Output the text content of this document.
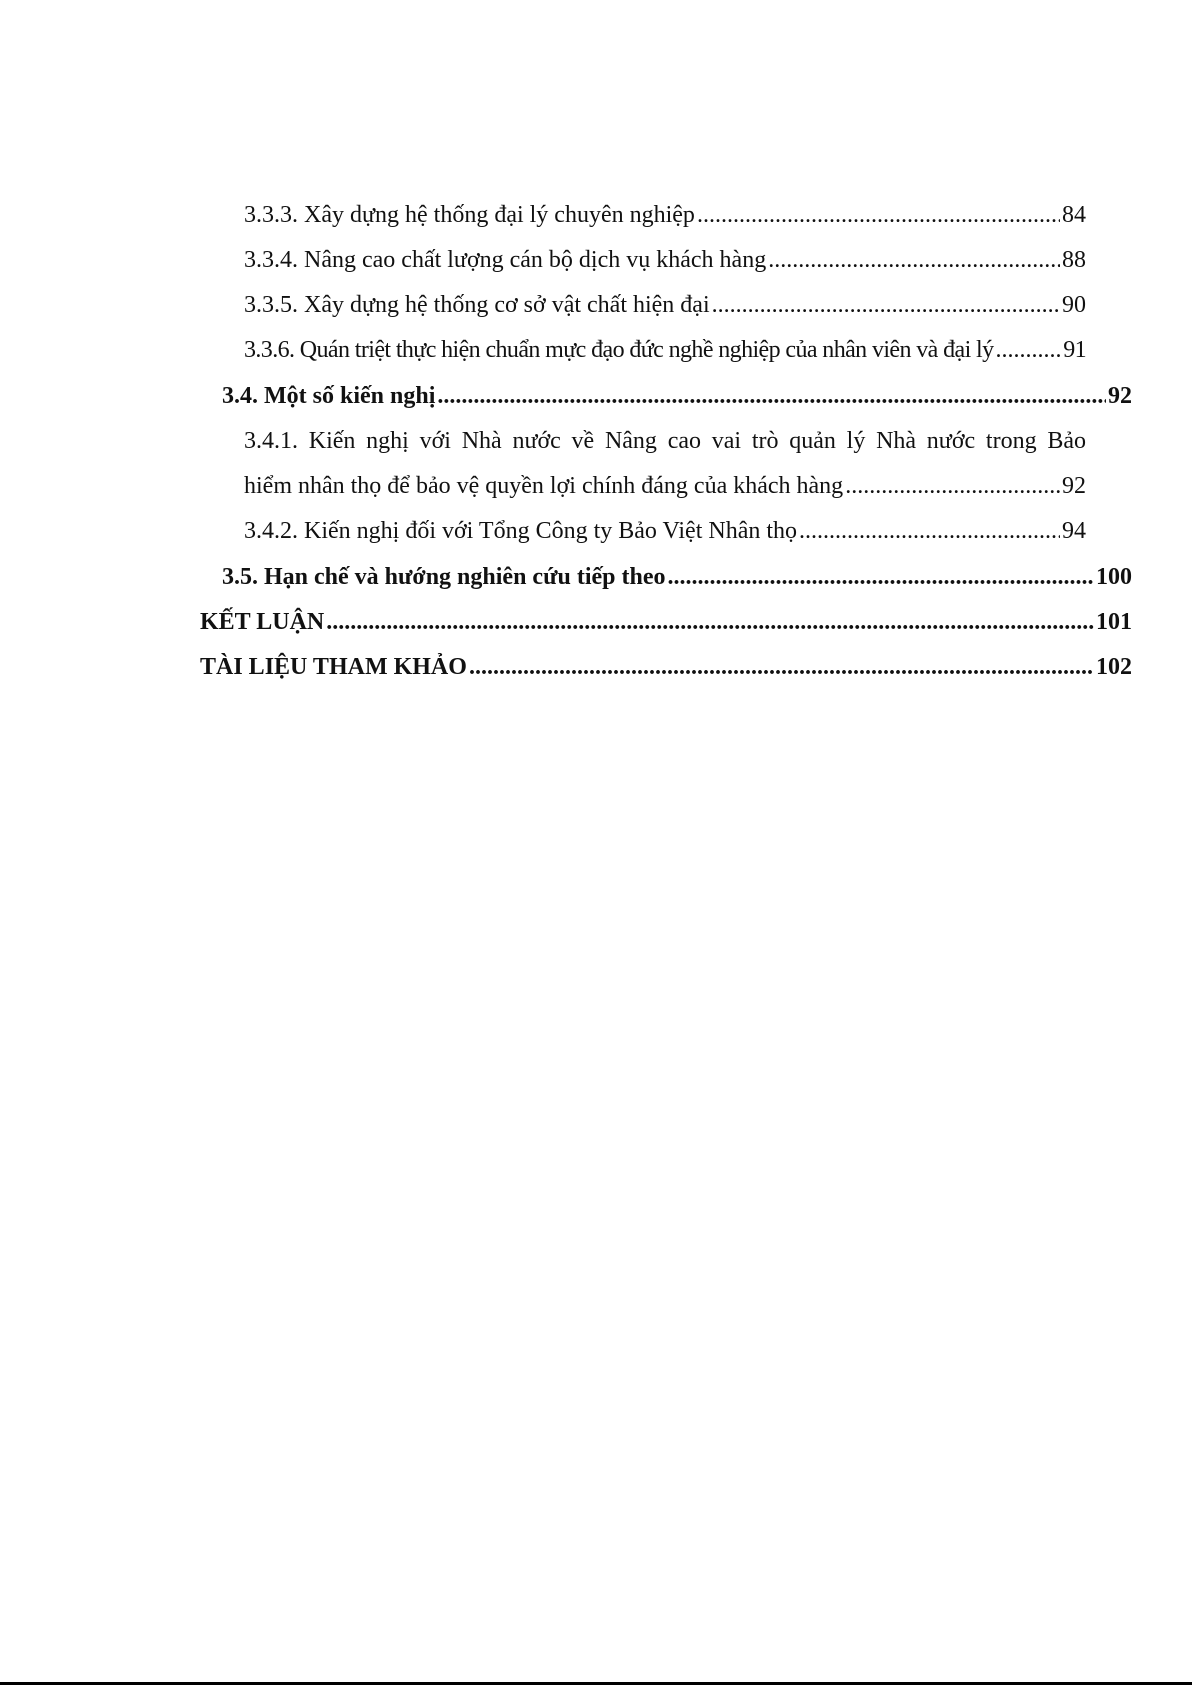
3.3.3. Xây dựng hệ thống đại lý chuyên nghiệp .....	84
3.3.4. Nâng cao chất lượng cán bộ dịch vụ khách hàng .....	88
3.3.5. Xây dựng hệ thống cơ sở vật chất hiện đại .....	90
3.3.6. Quán triệt thực hiện chuẩn mực đạo đức nghề nghiệp của nhân viên và đại lý .....	91
3.4. Một số kiến nghị .....	92
3.4.1. Kiến nghị với Nhà nước về Nâng cao vai trò quản lý Nhà nước trong Bảo
hiểm nhân thọ để bảo vệ quyền lợi chính đáng của khách hàng .....	92
3.4.2. Kiến nghị đối với Tổng Công ty Bảo Việt Nhân thọ .....	94
3.5. Hạn chế và hướng nghiên cứu tiếp theo .....	100
KẾT LUẬN .....	101
TÀI LIỆU THAM KHẢO .....	102
